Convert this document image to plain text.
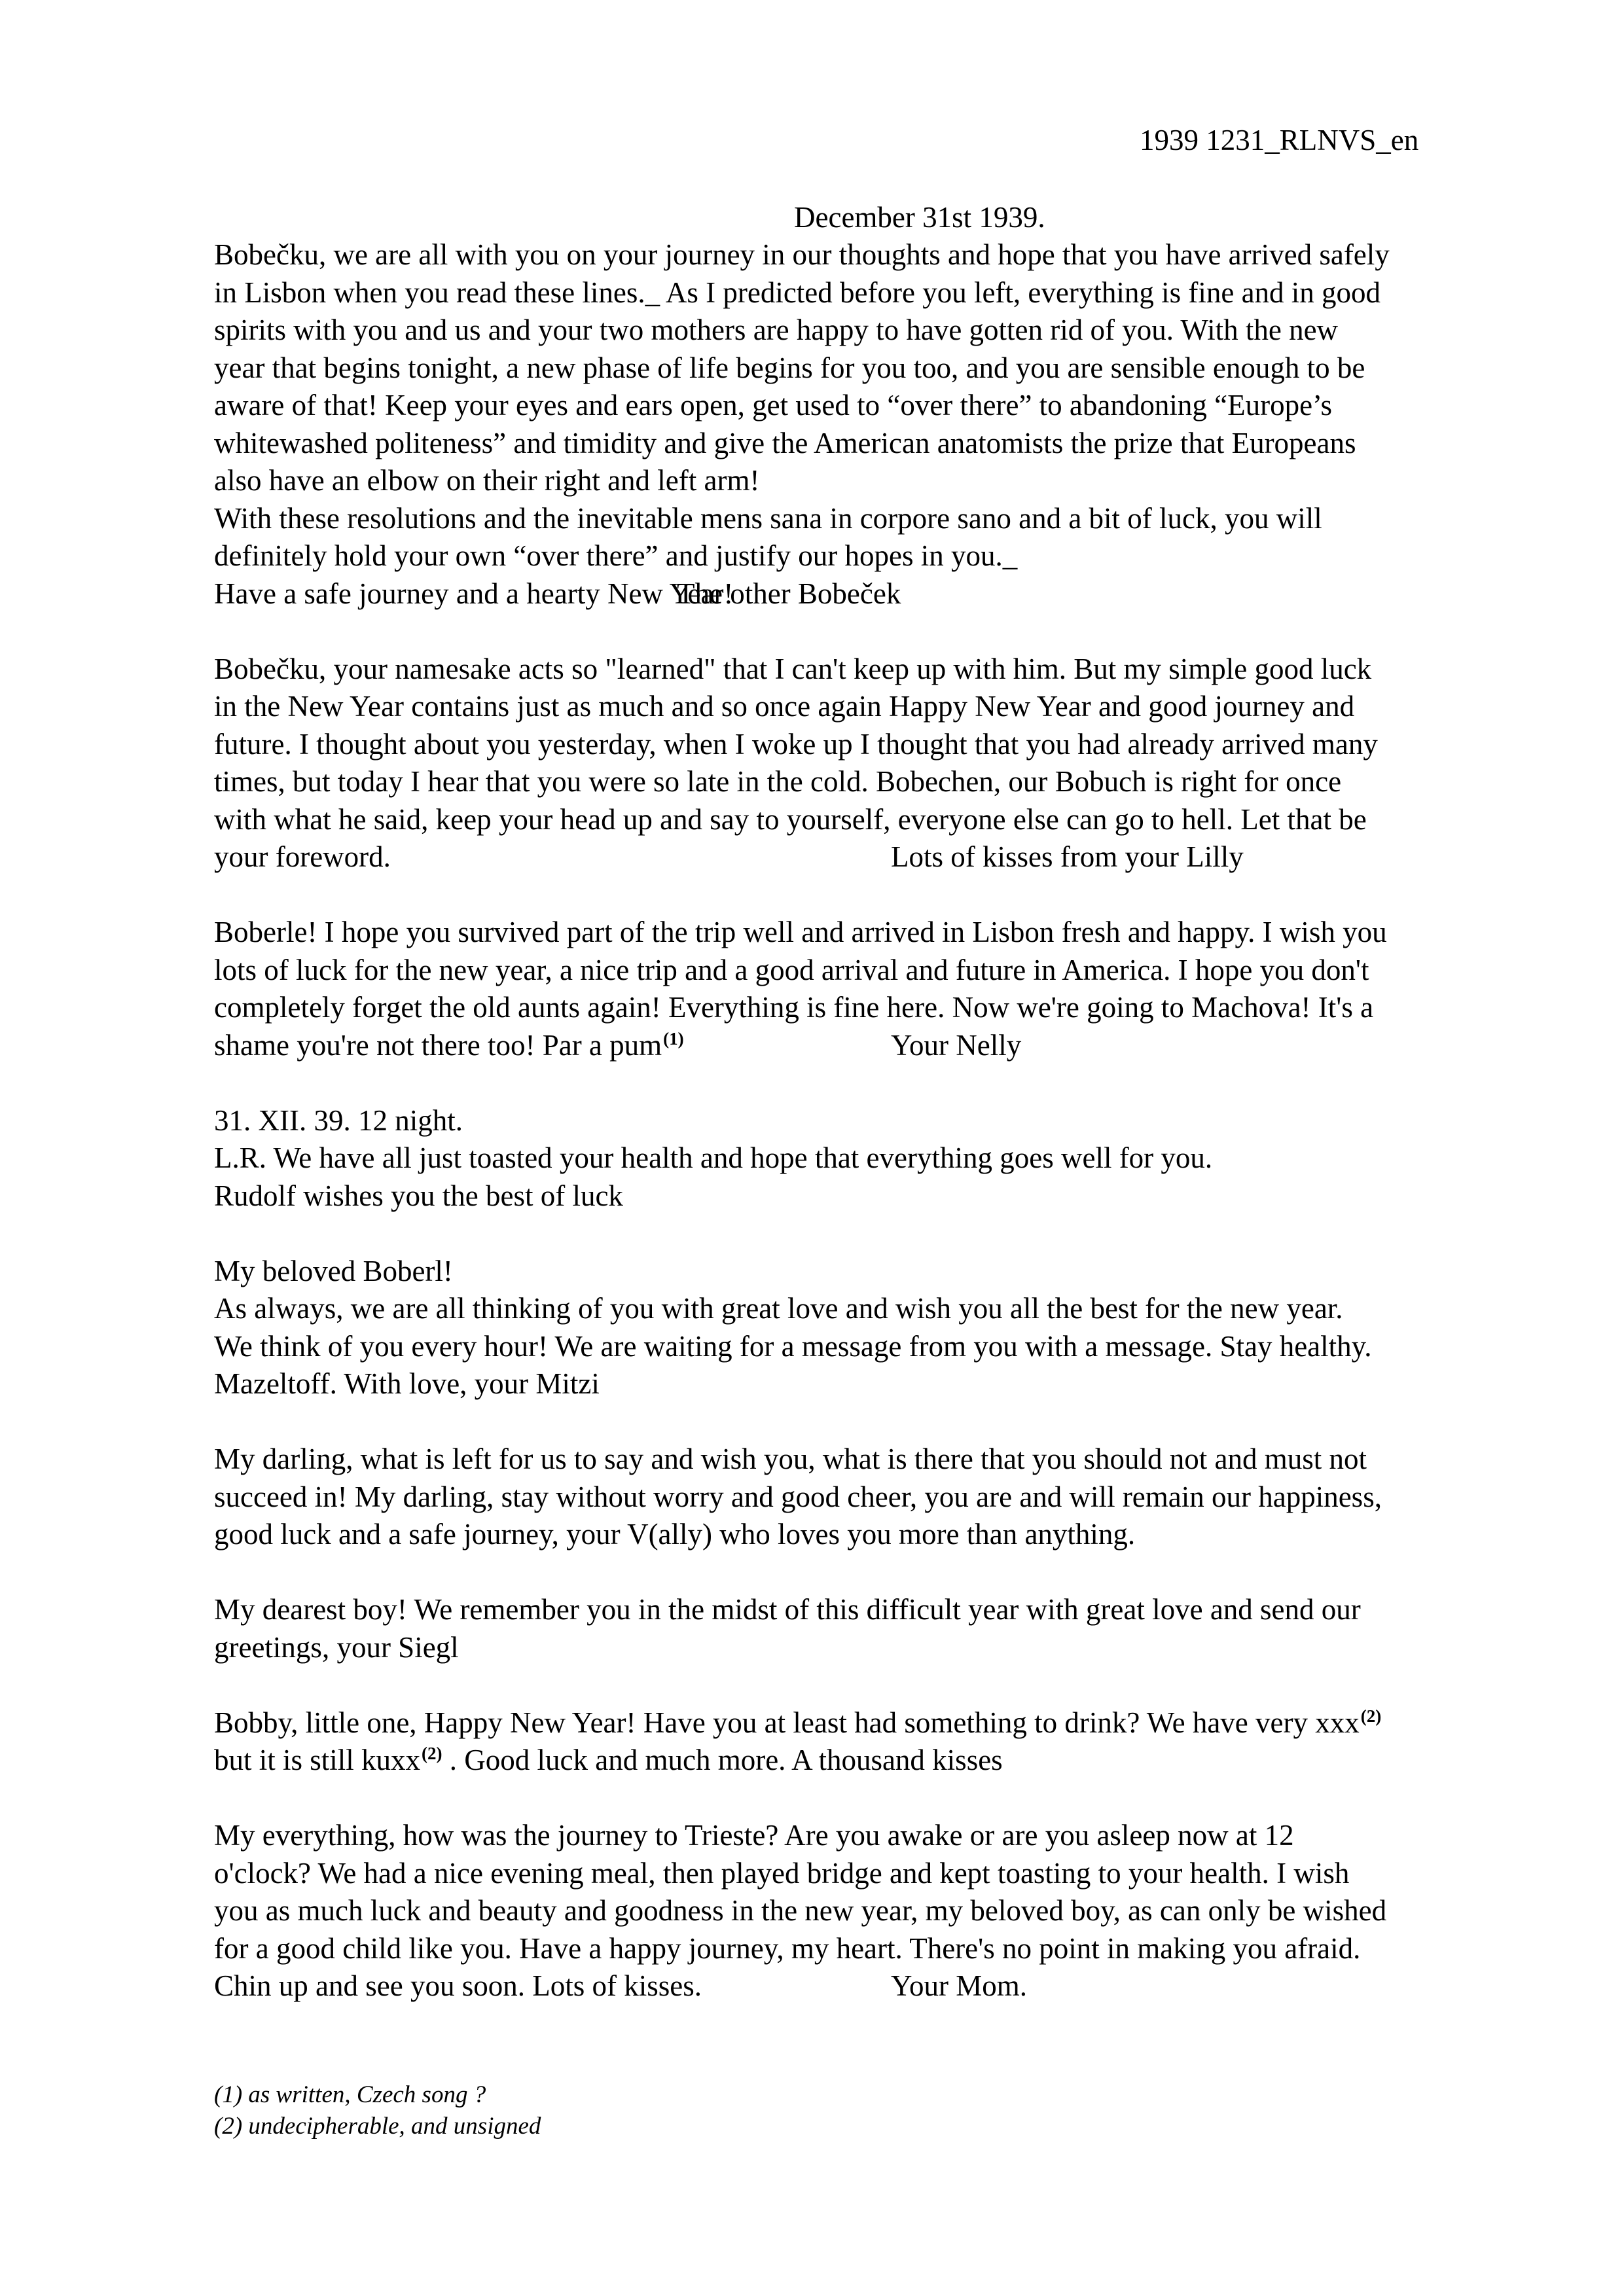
1939 1231_RLNVS_en
December 31st 1939.
Bobečku, we are all with you on your journey in our thoughts and hope that you have arrived safely
in Lisbon when you read these lines._ As I predicted before you left, everything is fine and in good
spirits with you and us and your two mothers are happy to have gotten rid of you. With the new
year that begins tonight, a new phase of life begins for you too, and you are sensible enough to be
aware of that! Keep your eyes and ears open, get used to “over there” to abandoning “Europe’s
whitewashed politeness” and timidity and give the American anatomists the prize that Europeans
also have an elbow on their right and left arm!
With these resolutions and the inevitable mens sana in corpore sano and a bit of luck, you will
definitely hold your own “over there” and justify our hopes in you._
Have a safe journey and a hearty New Year!
The other Bobeček
Bobečku, your namesake acts so "learned" that I can't keep up with him. But my simple good luck
in the New Year contains just as much and so once again Happy New Year and good journey and
future. I thought about you yesterday, when I woke up I thought that you had already arrived many
times, but today I hear that you were so late in the cold. Bobechen, our Bobuch is right for once
with what he said, keep your head up and say to yourself, everyone else can go to hell. Let that be
your foreword.	Lots of kisses from your Lilly
Boberle! I hope you survived part of the trip well and arrived in Lisbon fresh and happy. I wish you
lots of luck for the new year, a nice trip and a good arrival and future in America. I hope you don't
completely forget the old aunts again! Everything is fine here. Now we're going to Machova! It's a
shame you're not there too! Par a pum$^{(1)}$	Your Nelly
31. XII. 39. 12 night.
L.R. We have all just toasted your health and hope that everything goes well for you.
Rudolf wishes you the best of luck
My beloved Boberl!
As always, we are all thinking of you with great love and wish you all the best for the new year.
We think of you every hour! We are waiting for a message from you with a message. Stay healthy.
Mazeltoff. With love, your Mitzi
My darling, what is left for us to say and wish you, what is there that you should not and must not
succeed in! My darling, stay without worry and good cheer, you are and will remain our happiness,
good luck and a safe journey, your V(ally) who loves you more than anything.
My dearest boy! We remember you in the midst of this difficult year with great love and send our
greetings, your Siegl
Bobby, little one, Happy New Year! Have you at least had something to drink? We have very xxx$^{(2)}$
but it is still kuxx$^{(2)}$ . Good luck and much more. A thousand kisses
My everything, how was the journey to Trieste? Are you awake or are you asleep now at 12
o'clock? We had a nice evening meal, then played bridge and kept toasting to your health. I wish
you as much luck and beauty and goodness in the new year, my beloved boy, as can only be wished
for a good child like you. Have a happy journey, my heart. There's no point in making you afraid.
Chin up and see you soon. Lots of kisses.	Your Mom.
(1) as written, Czech song ?
(2) undecipherable, and unsigned
